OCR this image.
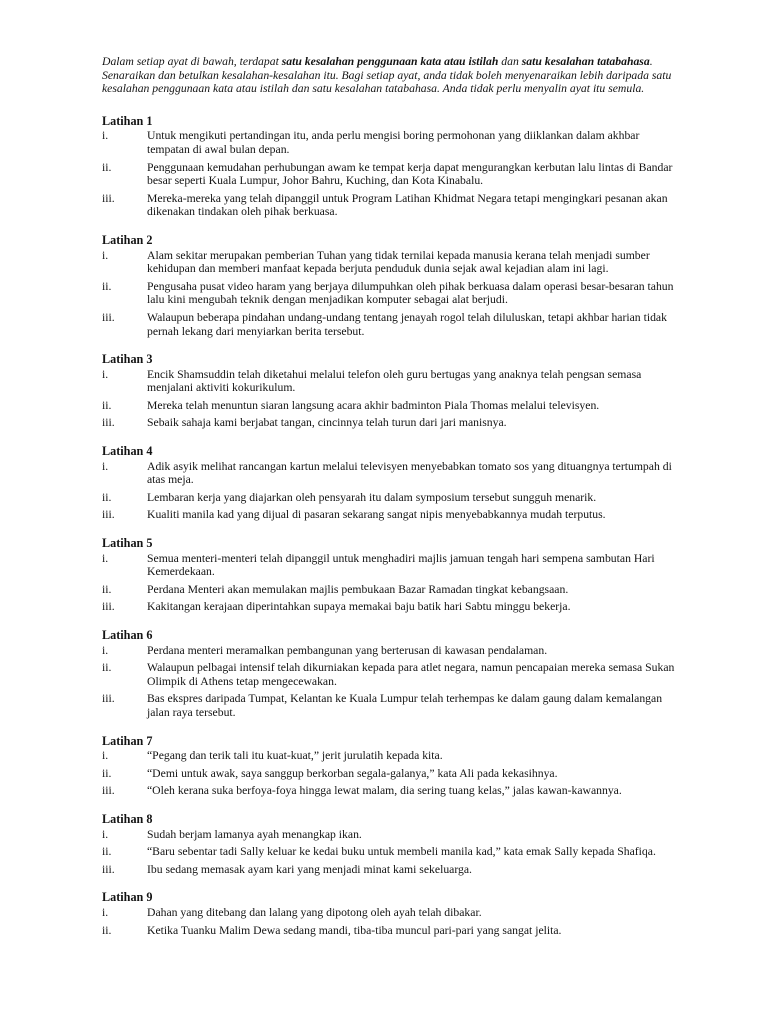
Dalam setiap ayat di bawah, terdapat satu kesalahan penggunaan kata atau istilah dan satu kesalahan tatabahasa. Senaraikan dan betulkan kesalahan-kesalahan itu. Bagi setiap ayat, anda tidak boleh menyenaraikan lebih daripada satu kesalahan penggunaan kata atau istilah dan satu kesalahan tatabahasa. Anda tidak perlu menyalin ayat itu semula.

Latihan 1
i.	Untuk mengikuti pertandingan itu, anda perlu mengisi boring permohonan yang diiklankan dalam akhbar tempatan di awal bulan depan.
ii.	Penggunaan kemudahan perhubungan awam ke tempat kerja dapat mengurangkan kerbutan lalu lintas di Bandar besar seperti Kuala Lumpur, Johor Bahru, Kuching, dan Kota Kinabalu.
iii.	Mereka-mereka yang telah dipanggil untuk Program Latihan Khidmat Negara tetapi mengingkari pesanan akan dikenakan tindakan oleh pihak berkuasa.
Latihan 2
i.	Alam sekitar merupakan pemberian Tuhan yang tidak ternilai kepada manusia kerana telah menjadi sumber kehidupan dan memberi manfaat kepada berjuta penduduk dunia sejak awal kejadian alam ini lagi.
ii.	Pengusaha pusat video haram yang berjaya dilumpuhkan oleh pihak berkuasa dalam operasi besar-besaran tahun lalu kini mengubah teknik dengan menjadikan komputer sebagai alat berjudi.
iii.	Walaupun beberapa pindahan undang-undang tentang jenayah rogol telah diluluskan, tetapi akhbar harian tidak pernah lekang dari menyiarkan berita tersebut.
Latihan 3
i.	Encik Shamsuddin telah diketahui melalui telefon oleh guru bertugas yang anaknya telah pengsan semasa menjalani aktiviti kokurikulum.
ii.	Mereka telah menuntun siaran langsung acara akhir badminton Piala Thomas melalui televisyen.
iii.	Sebaik sahaja kami berjabat tangan, cincinnya telah turun dari jari manisnya.
Latihan 4
i.	Adik asyik melihat rancangan kartun melalui televisyen menyebabkan tomato sos yang dituangnya tertumpah di atas meja.
ii.	Lembaran kerja yang diajarkan oleh pensyarah itu dalam symposium tersebut sungguh menarik.
iii.	Kualiti manila kad yang dijual di pasaran sekarang sangat nipis menyebabkannya mudah terputus.
Latihan 5
i.	Semua menteri-menteri telah dipanggil untuk menghadiri majlis jamuan tengah hari sempena sambutan Hari Kemerdekaan.
ii.	Perdana Menteri akan memulakan majlis pembukaan Bazar Ramadan tingkat kebangsaan.
iii.	Kakitangan kerajaan diperintahkan supaya memakai baju batik hari Sabtu minggu bekerja.
Latihan 6
i.	Perdana menteri meramalkan pembangunan yang berterusan di kawasan pendalaman.
ii.	Walaupun pelbagai intensif telah dikurniakan kepada para atlet negara, namun pencapaian mereka semasa Sukan Olimpik di Athens tetap mengecewakan.
iii.	Bas ekspres daripada Tumpat, Kelantan ke Kuala Lumpur telah terhempas ke dalam gaung dalam kemalangan jalan raya tersebut.
Latihan 7
i.	“Pegang dan terik tali itu kuat-kuat,” jerit jurulatih kepada kita.
ii.	“Demi untuk awak, saya sanggup berkorban segala-galanya,” kata Ali pada kekasihnya.
iii.	“Oleh kerana suka berfoya-foya hingga lewat malam, dia sering tuang kelas,” jalas kawan-kawannya.
Latihan 8
i.	Sudah berjam lamanya ayah menangkap ikan.
ii.	“Baru sebentar tadi Sally keluar ke kedai buku untuk membeli manila kad,” kata emak Sally kepada Shafiqa.
iii.	Ibu sedang memasak ayam kari yang menjadi minat kami sekeluarga.
Latihan 9
i.	Dahan yang ditebang dan lalang yang dipotong oleh ayah telah dibakar.
ii.	Ketika Tuanku Malim Dewa sedang mandi, tiba-tiba muncul pari-pari yang sangat jelita.
